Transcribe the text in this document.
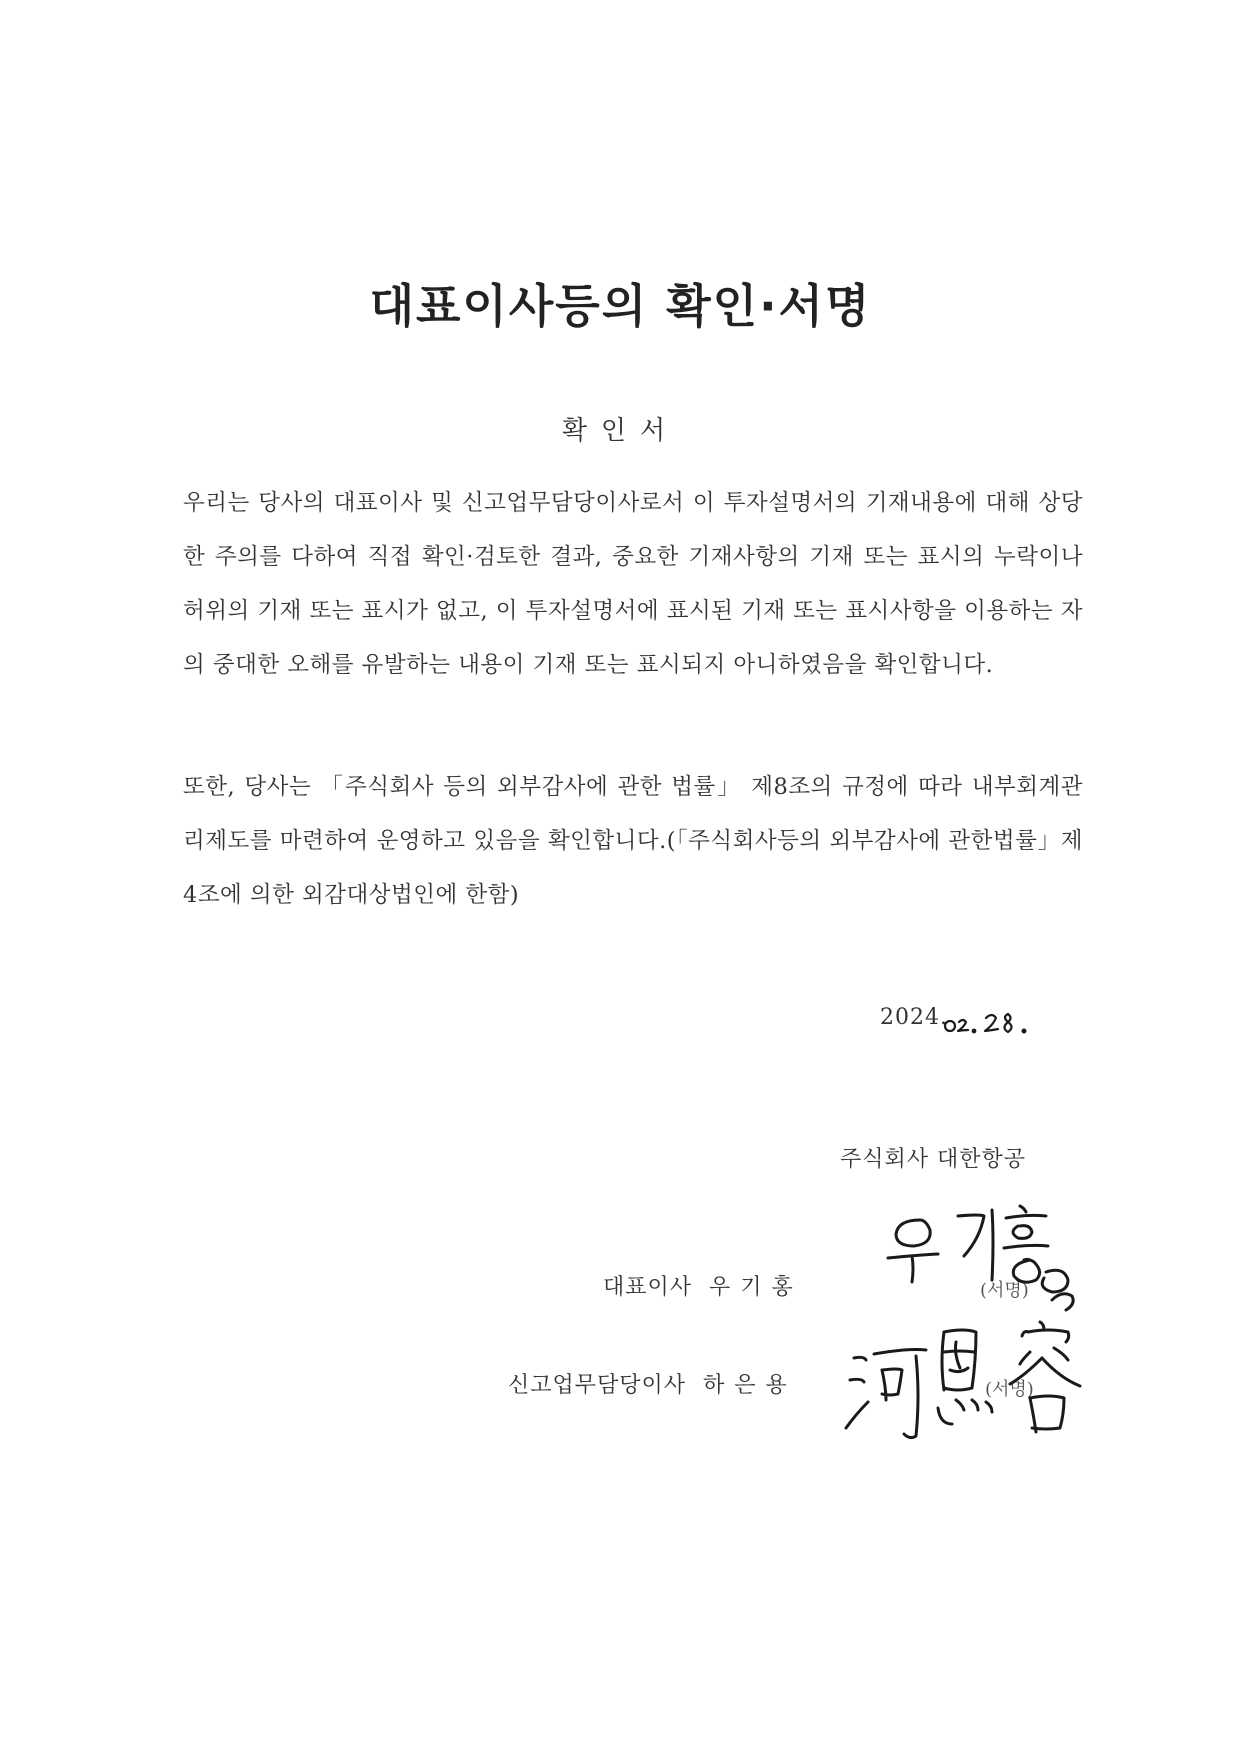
대표이사등의 확인·서명
확인서
우리는 당사의 대표이사 및 신고업무담당이사로서 이 투자설명서의 기재내용에 대해 상당한 주의를 다하여 직접 확인·검토한 결과, 중요한 기재사항의 기재 또는 표시의 누락이나 허위의 기재 또는 표시가 없고, 이 투자설명서에 표시된 기재 또는 표시사항을 이용하는 자의 중대한 오해를 유발하는 내용이 기재 또는 표시되지 아니하였음을 확인합니다.
또한, 당사는 「주식회사 등의 외부감사에 관한 법률」 제8조의 규정에 따라 내부회계관리제도를 마련하여 운영하고 있음을 확인합니다.(「주식회사등의 외부감사에 관한법률」제4조에 의한 외감대상법인에 한함)
2024.
주식회사 대한항공
대표이사 우기홍	(서명)
신고업무담당이사 하은용	(서명)
